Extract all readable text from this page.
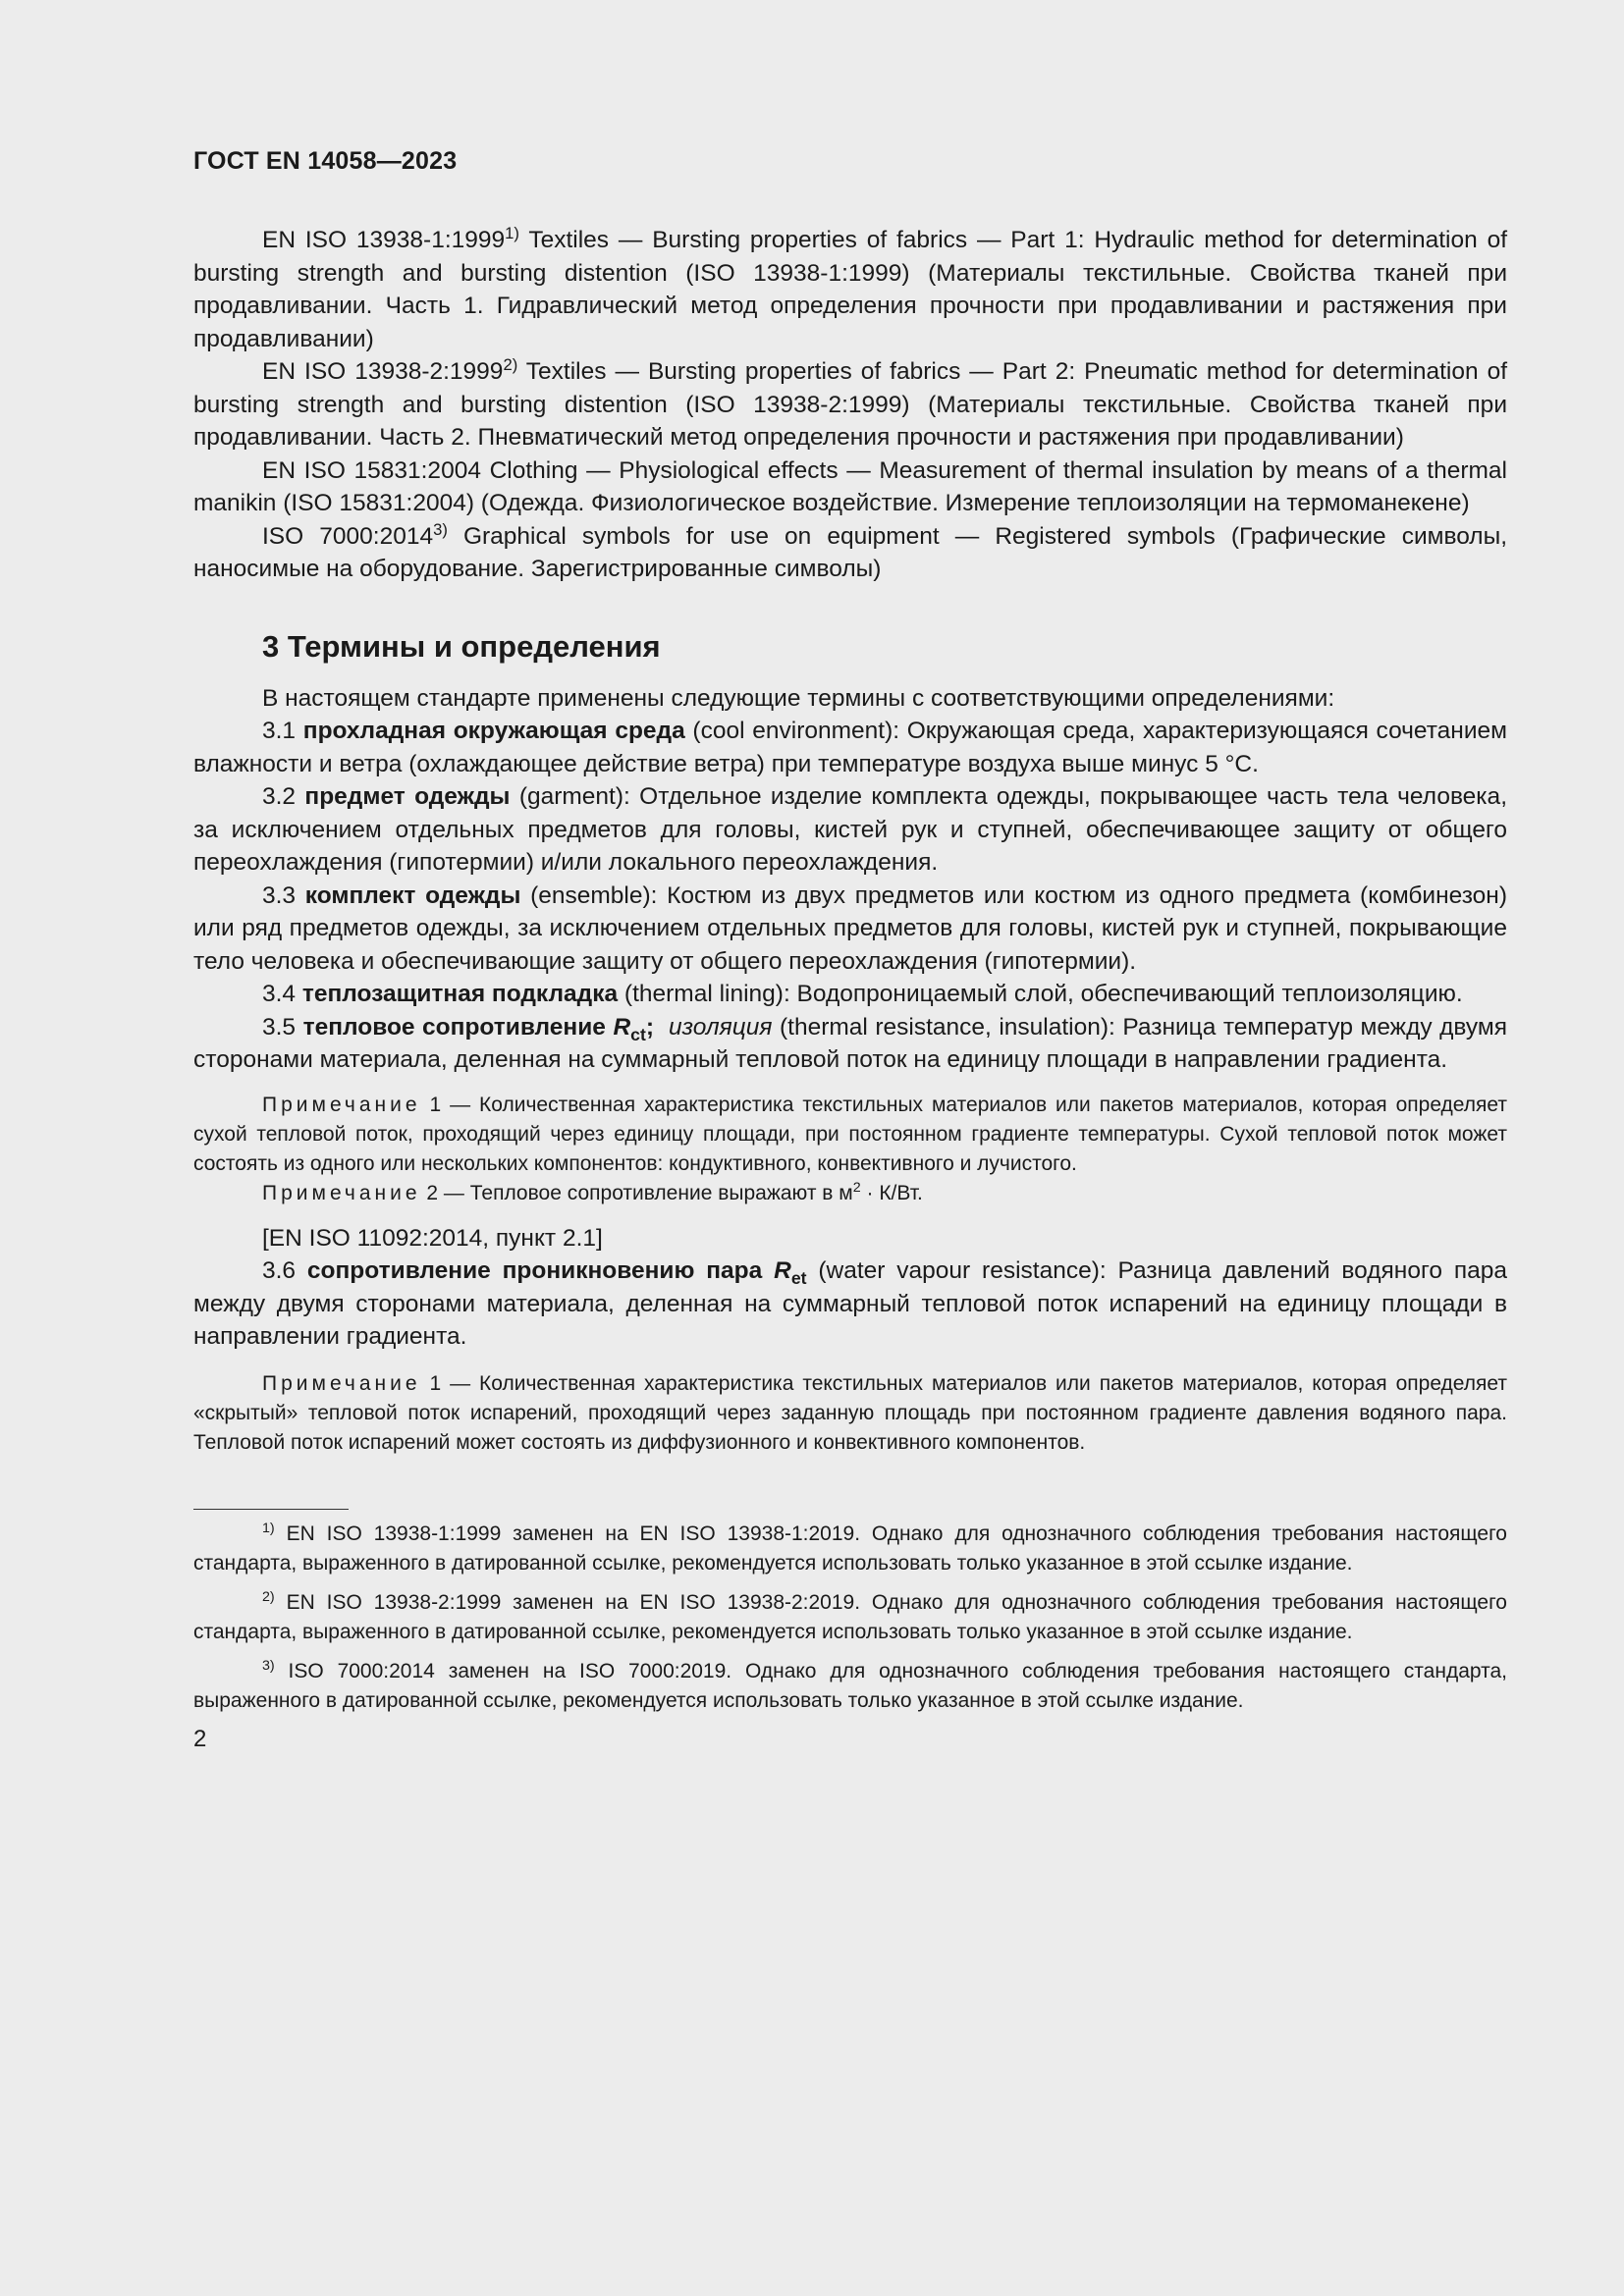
ГОСТ EN 14058—2023

EN ISO 13938-1:1999$^{1)}$ Textiles — Bursting properties of fabrics — Part 1: Hydraulic method for determination of bursting strength and bursting distention (ISO 13938-1:1999) (Материалы текстильные. Свойства тканей при продавливании. Часть 1. Гидравлический метод определения прочности при продавливании и растяжения при продавливании)

EN ISO 13938-2:1999$^{2)}$ Textiles — Bursting properties of fabrics — Part 2: Pneumatic method for determination of bursting strength and bursting distention (ISO 13938-2:1999) (Материалы текстильные. Свойства тканей при продавливании. Часть 2. Пневматический метод определения прочности и растяжения при продавливании)

EN ISO 15831:2004 Clothing — Physiological effects — Measurement of thermal insulation by means of a thermal manikin (ISO 15831:2004) (Одежда. Физиологическое воздействие. Измерение теплоизоляции на термоманекене)

ISO 7000:2014$^{3)}$ Graphical symbols for use on equipment — Registered symbols (Графические символы, наносимые на оборудование. Зарегистрированные символы)

3 Термины и определения

В настоящем стандарте применены следующие термины с соответствующими определениями:

3.1 прохладная окружающая среда (cool environment): Окружающая среда, характеризующаяся сочетанием влажности и ветра (охлаждающее действие ветра) при температуре воздуха выше минус 5 °С.

3.2 предмет одежды (garment): Отдельное изделие комплекта одежды, покрывающее часть тела человека, за исключением отдельных предметов для головы, кистей рук и ступней, обеспечивающее защиту от общего переохлаждения (гипотермии) и/или локального переохлаждения.

3.3 комплект одежды (ensemble): Костюм из двух предметов или костюм из одного предмета (комбинезон) или ряд предметов одежды, за исключением отдельных предметов для головы, кистей рук и ступней, покрывающие тело человека и обеспечивающие защиту от общего переохлаждения (гипотермии).

3.4 теплозащитная подкладка (thermal lining): Водопроницаемый слой, обеспечивающий теплоизоляцию.

3.5 тепловое сопротивление $R_{ct}$; изоляция (thermal resistance, insulation): Разница температур между двумя сторонами материала, деленная на суммарный тепловой поток на единицу площади в направлении градиента.

Примечание 1 — Количественная характеристика текстильных материалов или пакетов материалов, которая определяет сухой тепловой поток, проходящий через единицу площади, при постоянном градиенте температуры. Сухой тепловой поток может состоять из одного или нескольких компонентов: кондуктивного, конвективного и лучистого.

Примечание 2 — Тепловое сопротивление выражают в $м^2 \cdot К/Вт$.

[EN ISO 11092:2014, пункт 2.1]

3.6 сопротивление проникновению пара $R_{et}$ (water vapour resistance): Разница давлений водяного пара между двумя сторонами материала, деленная на суммарный тепловой поток испарений на единицу площади в направлении градиента.

Примечание 1 — Количественная характеристика текстильных материалов или пакетов материалов, которая определяет «скрытый» тепловой поток испарений, проходящий через заданную площадь при постоянном градиенте давления водяного пара. Тепловой поток испарений может состоять из диффузионного и конвективного компонентов.

$^{1)}$ EN ISO 13938-1:1999 заменен на EN ISO 13938-1:2019. Однако для однозначного соблюдения требования настоящего стандарта, выраженного в датированной ссылке, рекомендуется использовать только указанное в этой ссылке издание.

$^{2)}$ EN ISO 13938-2:1999 заменен на EN ISO 13938-2:2019. Однако для однозначного соблюдения требования настоящего стандарта, выраженного в датированной ссылке, рекомендуется использовать только указанное в этой ссылке издание.

$^{3)}$ ISO 7000:2014 заменен на ISO 7000:2019. Однако для однозначного соблюдения требования настоящего стандарта, выраженного в датированной ссылке, рекомендуется использовать только указанное в этой ссылке издание.

2
